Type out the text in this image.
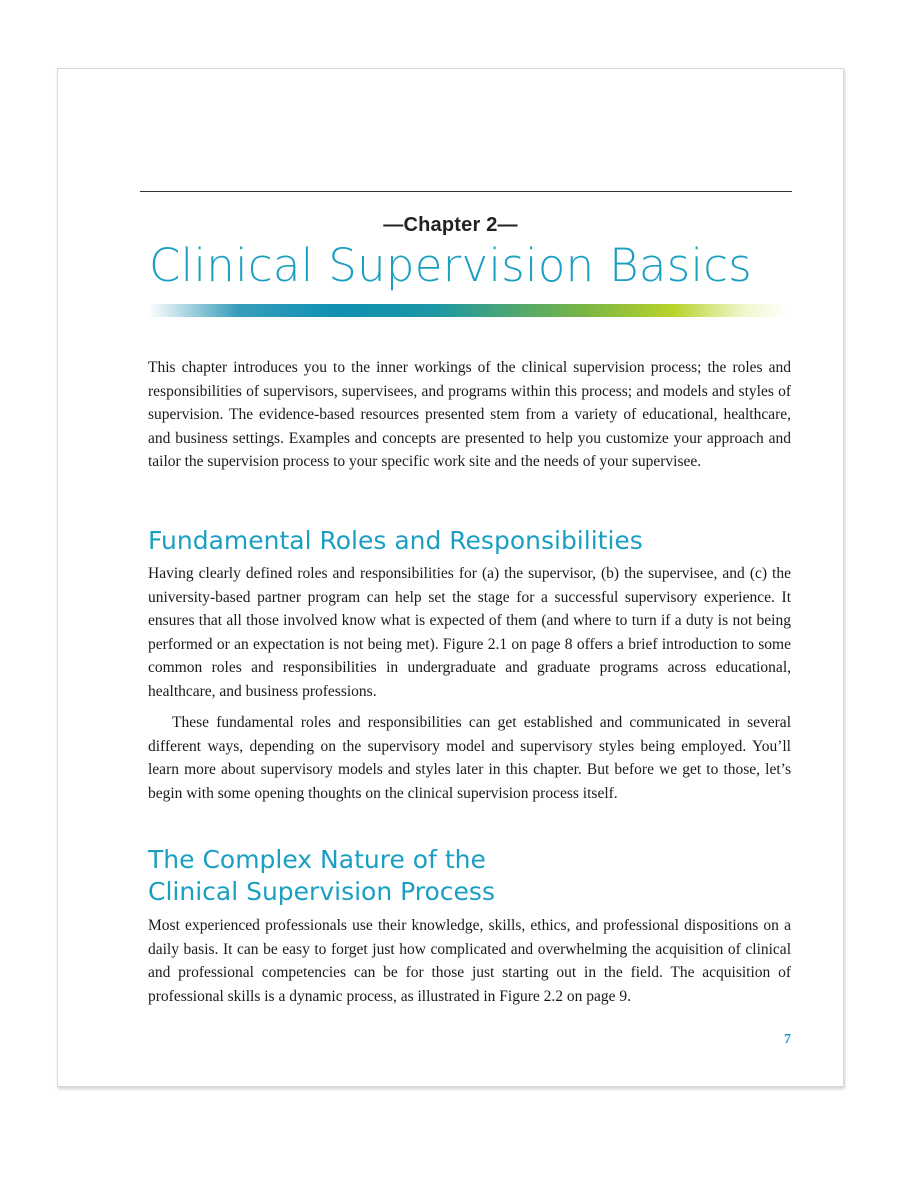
—Chapter 2—
Clinical Supervision Basics

This chapter introduces you to the inner workings of the clinical supervision process; the roles and responsibilities of supervisors, supervisees, and programs within this process; and models and styles of supervision. The evidence-based resources presented stem from a variety of educational, healthcare, and business settings. Examples and concepts are presented to help you customize your approach and tailor the supervision process to your specific work site and the needs of your supervisee.

Fundamental Roles and Responsibilities

Having clearly defined roles and responsibilities for (a) the supervisor, (b) the supervisee, and (c) the university-based partner program can help set the stage for a successful supervisory experience. It ensures that all those involved know what is expected of them (and where to turn if a duty is not being performed or an expectation is not being met). Figure 2.1 on page 8 offers a brief introduction to some common roles and responsibilities in undergraduate and graduate programs across educational, healthcare, and business professions.

These fundamental roles and responsibilities can get established and communicated in several different ways, depending on the supervisory model and supervisory styles being employed. You’ll learn more about supervisory models and styles later in this chapter. But before we get to those, let’s begin with some opening thoughts on the clinical supervision process itself.

The Complex Nature of the
Clinical Supervision Process

Most experienced professionals use their knowledge, skills, ethics, and professional dispositions on a daily basis. It can be easy to forget just how complicated and overwhelming the acquisition of clinical and professional competencies can be for those just starting out in the field. The acquisition of professional skills is a dynamic process, as illustrated in Figure 2.2 on page 9.

7
